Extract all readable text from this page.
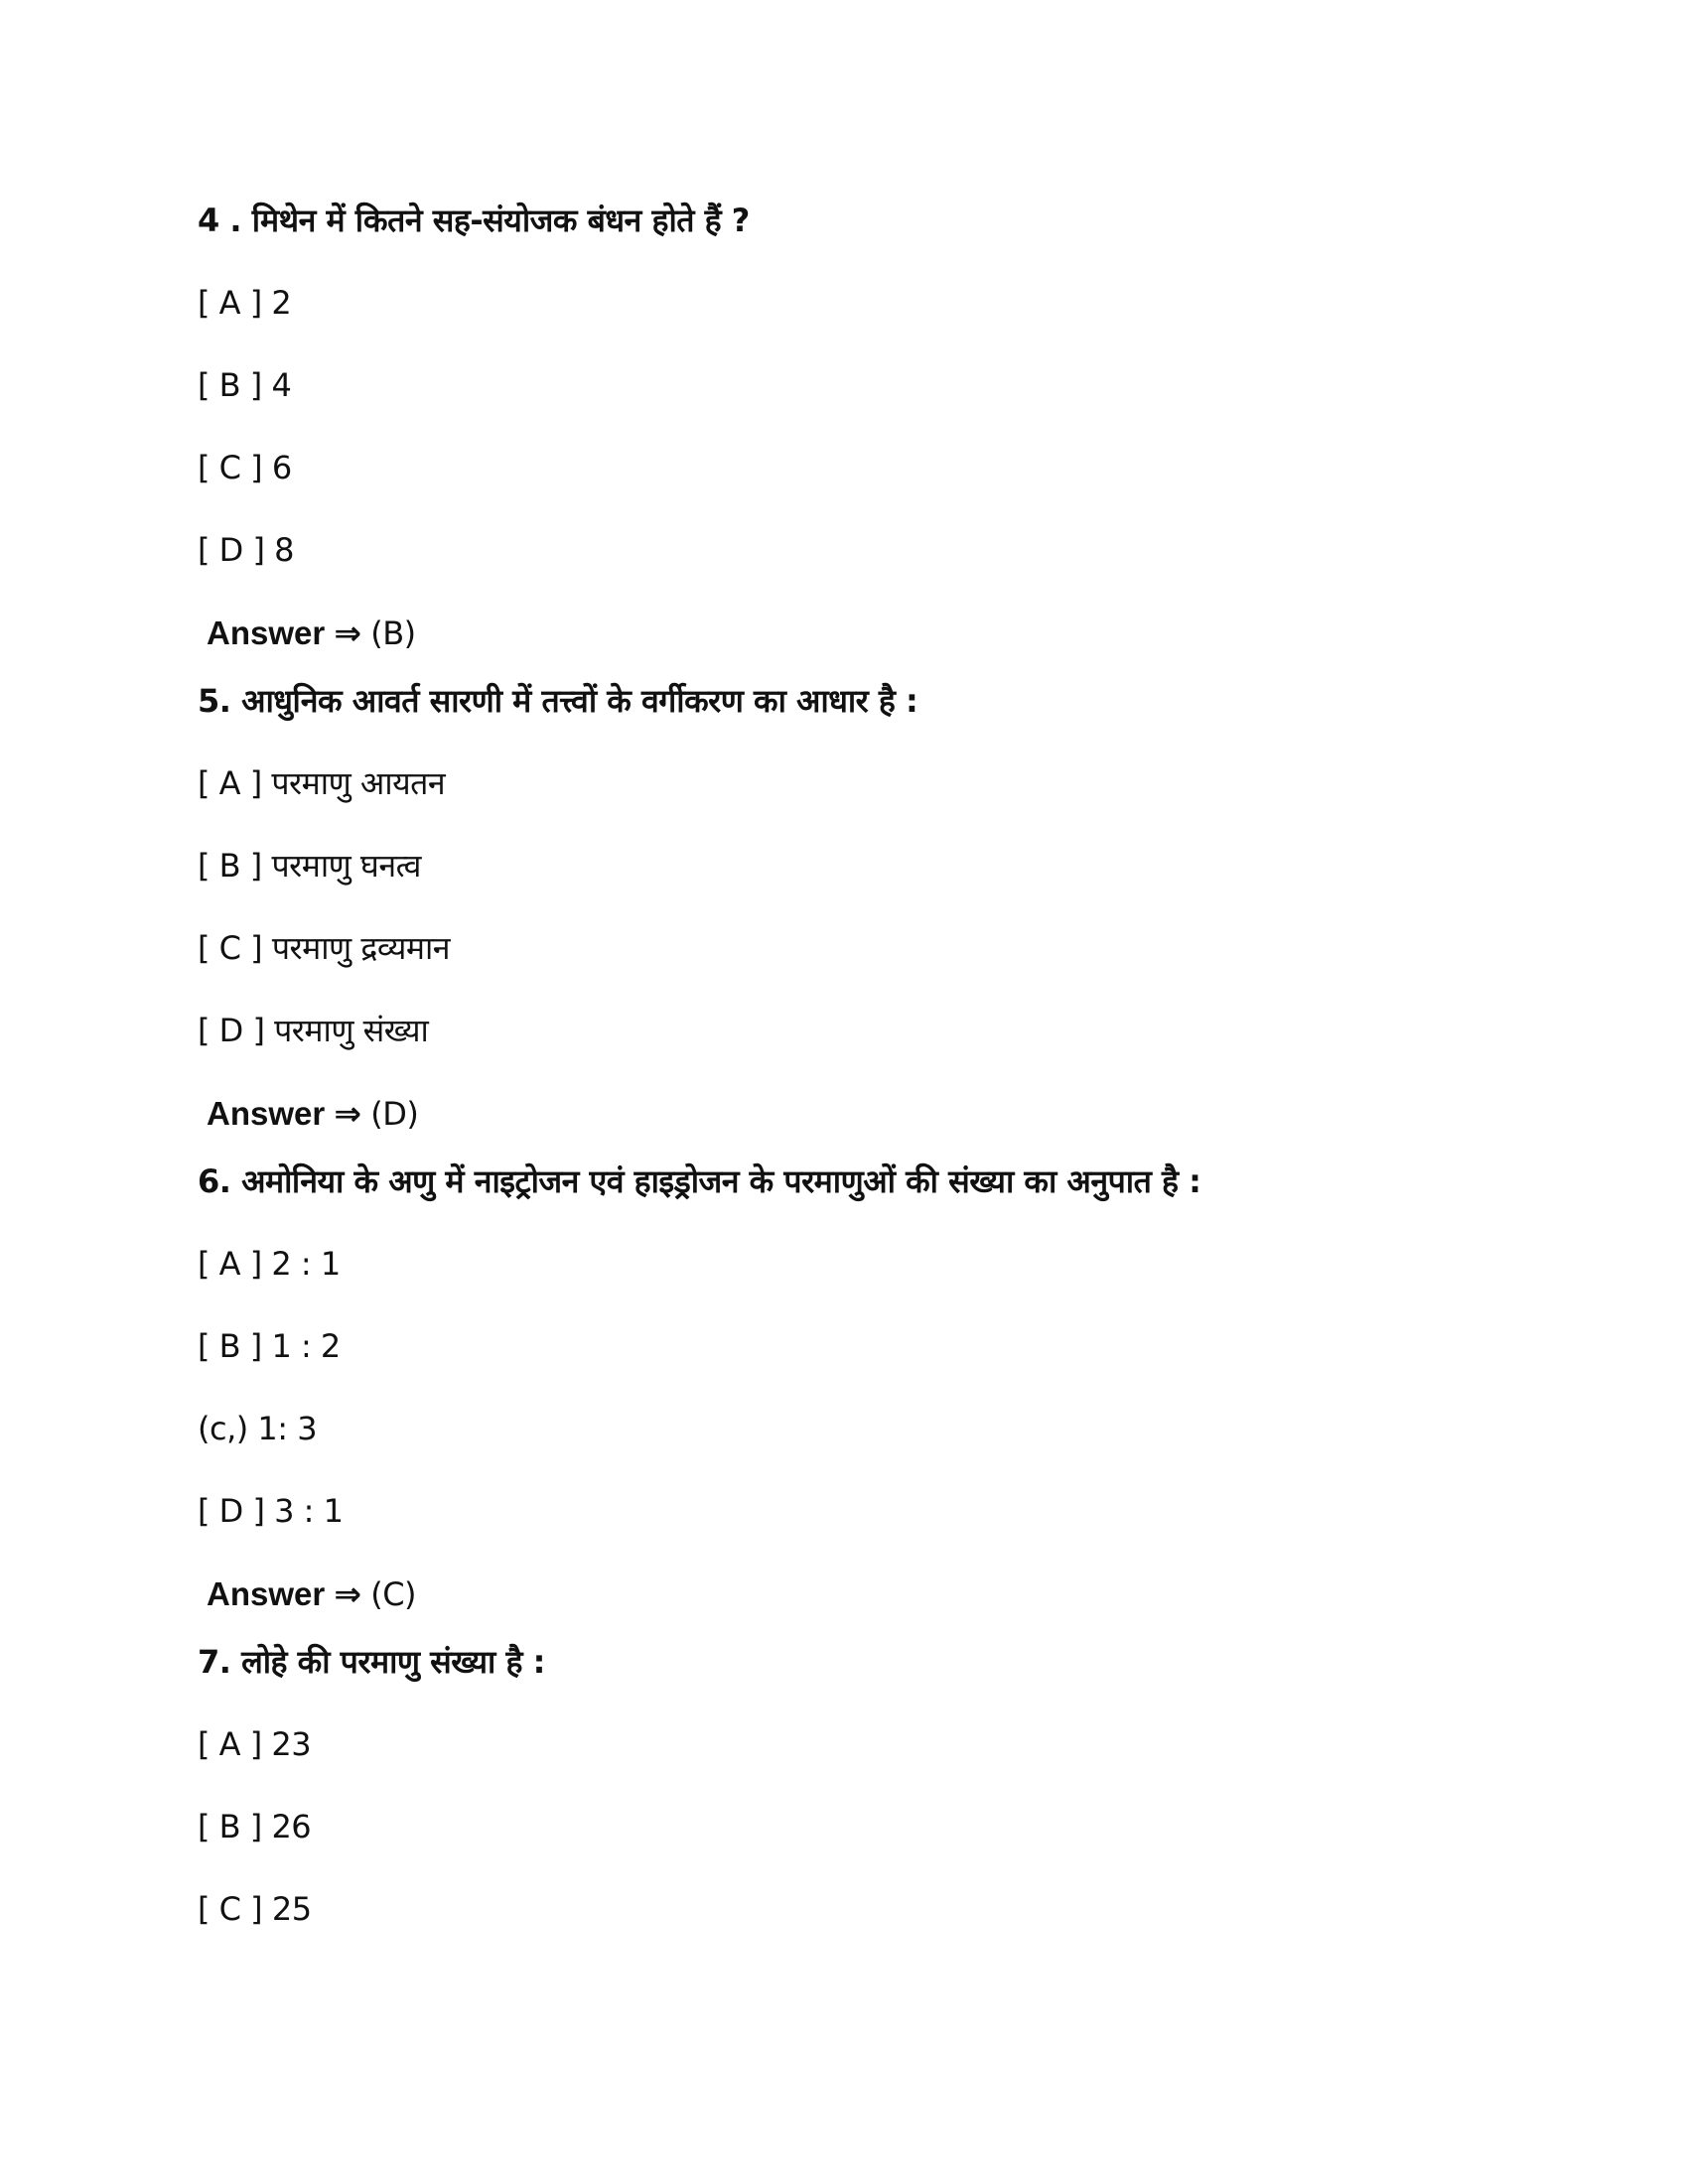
4 . मिथेन में कितने सह-संयोजक बंधन होते हैं ?
[ A ] 2
[ B ] 4
[ C ] 6
[ D ] 8
Answer ⇒ (B)
5. आधुनिक आवर्त सारणी में तत्त्वों के वर्गीकरण का आधार है :
[ A ] परमाणु आयतन
[ B ] परमाणु घनत्व
[ C ] परमाणु द्रव्यमान
[ D ] परमाणु संख्या
Answer ⇒ (D)
6. अमोनिया के अणु में नाइट्रोजन एवं हाइड्रोजन के परमाणुओं की संख्या का अनुपात है :
[ A ] 2 : 1
[ B ] 1 : 2
(c,) 1: 3
[ D ] 3 : 1
Answer ⇒ (C)
7. लोहे की परमाणु संख्या है :
[ A ] 23
[ B ] 26
[ C ] 25
